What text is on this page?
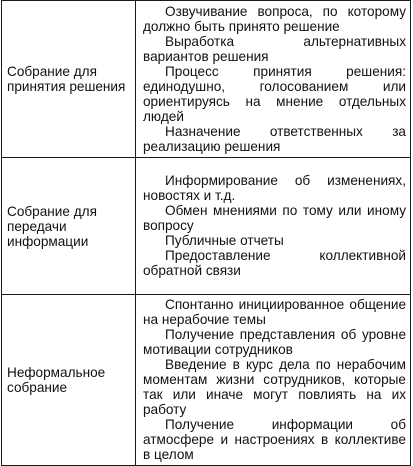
Собрание для принятия решения	Озвучивание вопроса, по которому должно быть принято решение
Выработка альтернативных вариантов решения
Процесс принятия решения: единодушно, голосованием или ориентируясь на мнение отдельных людей
Назначение ответственных за реализацию решения

Собрание для передачи информации	Информирование об изменениях, новостях и т.д.
Обмен мнениями по тому или иному вопросу
Публичные отчеты
Предоставление коллективной обратной связи

Неформальное собрание	Спонтанно инициированное общение на нерабочие темы
Получение представления об уровне мотивации сотрудников
Введение в курс дела по нерабочим моментам жизни сотрудников, которые так или иначе могут повлиять на их работу
Получение информации об атмосфере и настроениях в коллективе в целом
